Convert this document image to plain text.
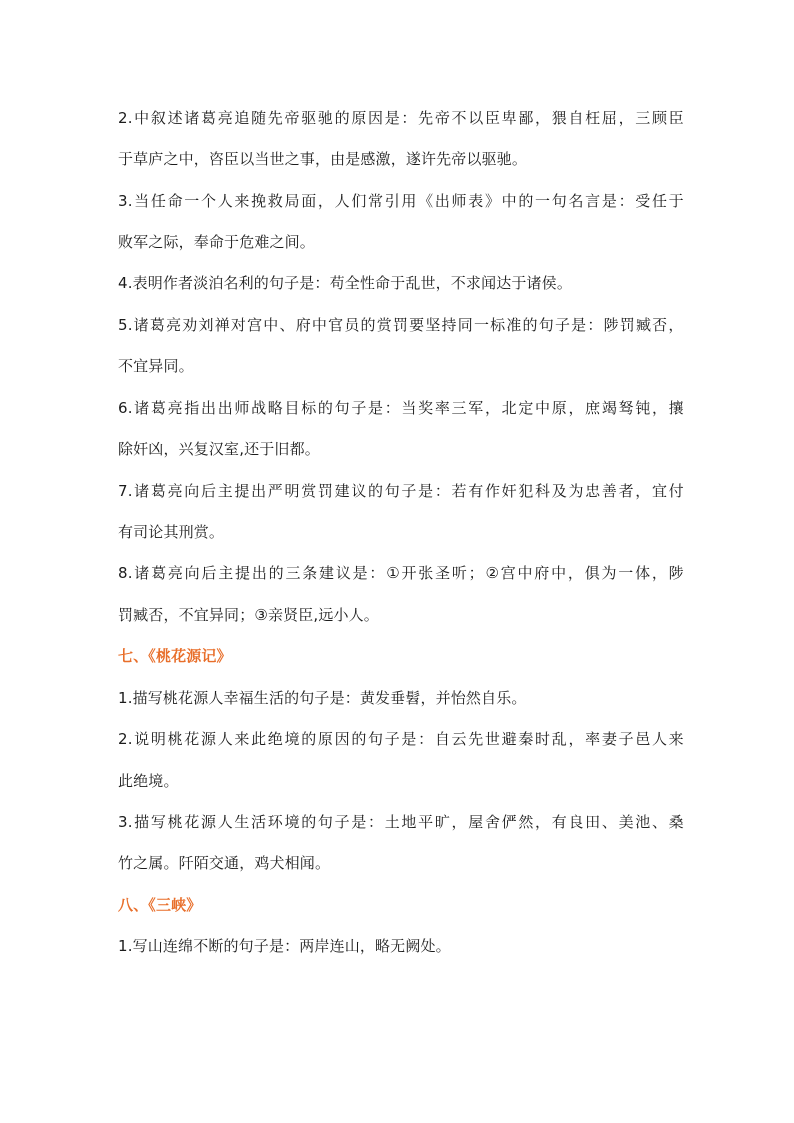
2. 中 叙 述 诸 葛 亮 追 随 先 帝 驱 驰 的 原 因 是 ： 先 帝 不 以 臣 卑 鄙 ， 猥 自 枉 屈 ， 三 顾 臣
于草庐之中，咨臣以当世之事，由是感激，遂许先帝以驱驰。
3. 当 任 命 一 个 人 来 挽 救 局 面 ， 人 们 常 引 用 《 出 师 表 》 中 的 一 句 名 言 是 ： 受 任 于
败军之际，奉命于危难之间。
4.表明作者淡泊名利的句子是：苟全性命于乱世，不求闻达于诸侯。
5. 诸 葛 亮 劝 刘 禅 对 宫 中 、 府 中 官 员 的 赏 罚 要 坚 持 同 一 标 准 的 句 子 是 ： 陟 罚 臧 否 ，
不宜异同。
6. 诸 葛 亮 指 出 出 师 战 略 目 标 的 句 子 是 ： 当 奖 率 三 军 ， 北 定 中 原 ， 庶 竭 驽 钝 ， 攘
除奸凶，兴复汉室,还于旧都。
7. 诸 葛 亮 向 后 主 提 出 严 明 赏 罚 建 议 的 句 子 是 ： 若 有 作 奸 犯 科 及 为 忠 善 者 ， 宜 付
有司论其刑赏。
8. 诸 葛 亮 向 后 主 提 出 的 三 条 建 议 是 ： ① 开 张 圣 听 ； ② 宫 中 府 中 ， 俱 为 一 体 ， 陟
罚臧否，不宜异同；③亲贤臣,远小人。
七、《桃花源记》
1.描写桃花源人幸福生活的句子是：黄发垂髫，并怡然自乐。
2. 说 明 桃 花 源 人 来 此 绝 境 的 原 因 的 句 子 是 ： 自 云 先 世 避 秦 时 乱 ， 率 妻 子 邑 人 来
此绝境。
3. 描 写 桃 花 源 人 生 活 环 境 的 句 子 是 ： 土 地 平 旷 ， 屋 舍 俨 然 ， 有 良 田 、 美 池 、 桑
竹之属。阡陌交通，鸡犬相闻。
八、《三峡》
1.写山连绵不断的句子是：两岸连山，略无阙处。
